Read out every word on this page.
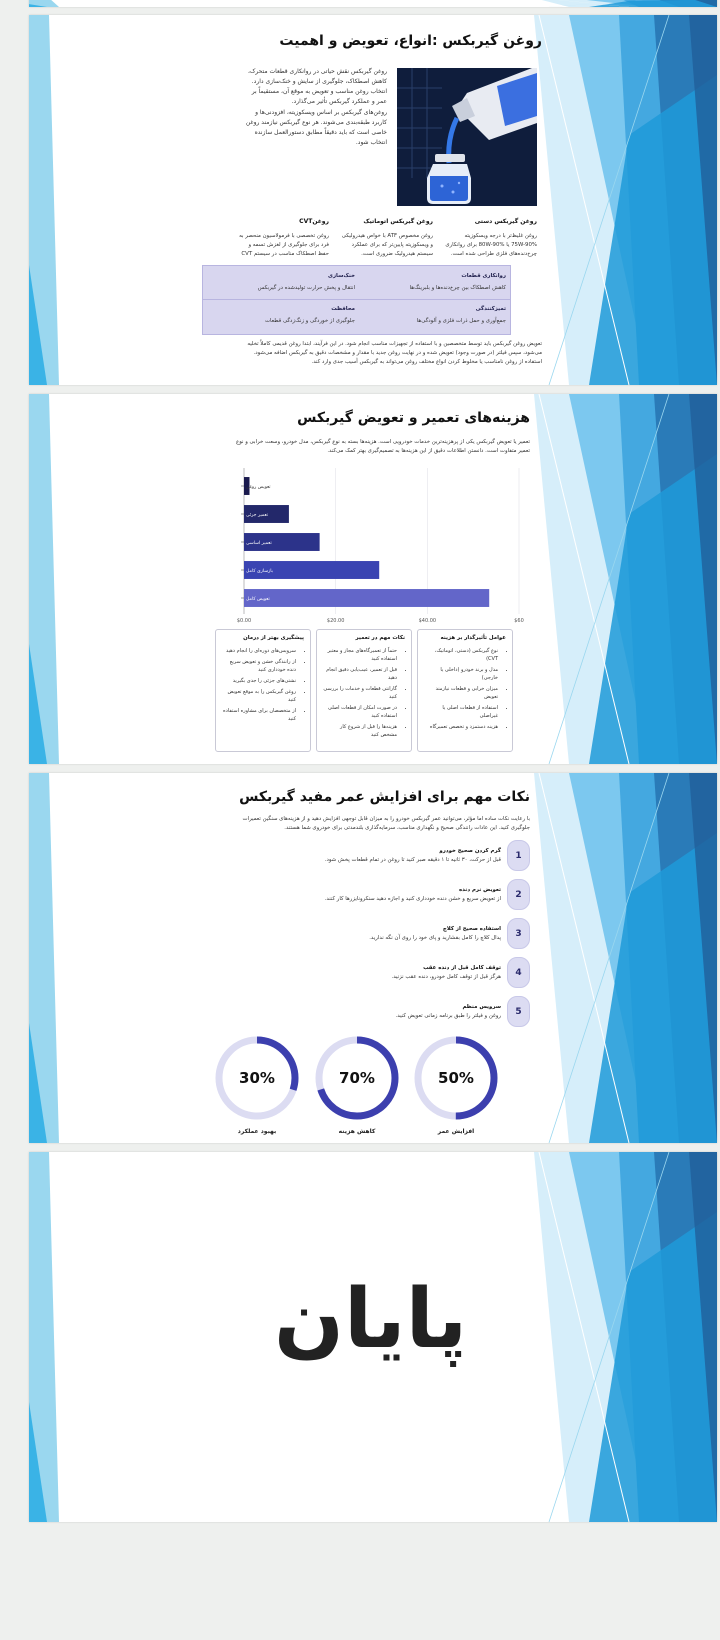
روغن گیربکس :انواع، تعویض و اهمیت
روغن گیربکس نقش حیاتی در روانکاری قطعات متحرک، کاهش اصطکاک، جلوگیری از سایش و خنک‌سازی دارد. انتخاب روغن مناسب و تعویض به موقع آن، مستقیماً بر عمر و عملکرد گیربکس تأثیر می‌گذارد.
روغن‌های گیربکس بر اساس ویسکوزیته، افزودنی‌ها و کاربرد طبقه‌بندی می‌شوند. هر نوع گیربکس نیازمند روغن خاصی است که باید دقیقاً مطابق دستورالعمل سازنده انتخاب شود.
روغن گیربکس دستی
روغن غلیظ‌تر با درجه ویسکوزیته %75W-90 یا %80W-90 برای روانکاری چرخ‌دنده‌های فلزی طراحی شده است.
روغن گیربکس اتوماتیک
روغن مخصوص ATF با خواص هیدرولیکی و ویسکوزیته پایین‌تر که برای عملکرد سیستم هیدرولیک ضروری است.
روغنCVT
روغن تخصصی با فرمولاسیون منحصر به فرد برای جلوگیری از لغزش تسمه و حفظ اصطکاک مناسب در سیستم CVT
روانکاری قطعات
کاهش اصطکاک بین چرخ‌دنده‌ها و بلبرینگ‌ها
خنک‌سازی
انتقال و پخش حرارت تولیدشده در گیربکس
تمیزکنندگی
جمع‌آوری و حمل ذرات فلزی و آلودگی‌ها
محافظت
جلوگیری از خوردگی و زنگ‌زدگی قطعات
تعویض روغن گیربکس باید توسط متخصصین و با استفاده از تجهیزات مناسب انجام شود. در این فرآیند، ابتدا روغن قدیمی کاملاً تخلیه می‌شود، سپس فیلتر (در صورت وجود) تعویض شده و در نهایت روغن جدید با مقدار و مشخصات دقیق به گیربکس اضافه می‌شود. استفاده از روغن نامناسب یا مخلوط کردن انواع مختلف روغن می‌تواند به گیربکس آسیب جدی وارد کند.
هزینه‌های تعمیر و تعویض گیربکس
تعمیر یا تعویض گیربکس یکی از پرهزینه‌ترین خدمات خودرویی است. هزینه‌ها بسته به نوع گیربکس، مدل خودرو، وسعت خرابی و نوع تعمیر متفاوت است. دانستن اطلاعات دقیق از این هزینه‌ها به تصمیم‌گیری بهتر کمک می‌کند.
$0.00	$20.00	$40.00	$60
تعویض روغن
تعمیر جزئی
تعمیر اساسی
بازسازی کامل
تعویض کامل
عوامل تأثیرگذار بر هزینه
• نوع گیربکس (دستی، اتوماتیک، CVT)
• مدل و برند خودرو (داخلی یا خارجی)
• میزان خرابی و قطعات نیازمند تعویض
• استفاده از قطعات اصلی یا غیراصلی
• هزینه دستمزد و تخصص تعمیرگاه
نکات مهم در تعمیر
• حتماً از تعمیرگاه‌های مجاز و معتبر استفاده کنید
• قبل از تعمیر، عیب‌یابی دقیق انجام دهید
• گارانتی قطعات و خدمات را بررسی کنید
• در صورت امکان از قطعات اصلی استفاده کنید
• هزینه‌ها را قبل از شروع کار مشخص کنید
پیشگیری بهتر از درمان
• سرویس‌های دوره‌ای را انجام دهید
• از رانندگی خشن و تعویض سریع دنده خودداری کنید
• نشتی‌های جزئی را جدی بگیرید
• روغن گیربکس را به موقع تعویض کنید
• از متخصصان برای مشاوره استفاده کنید
نکات مهم برای افزایش عمر مفید گیربکس
با رعایت نکات ساده اما مؤثر، می‌توانید عمر گیربکس خودرو را به میزان قابل توجهی افزایش دهید و از هزینه‌های سنگین تعمیرات جلوگیری کنید. این عادات رانندگی صحیح و نگهداری مناسب، سرمایه‌گذاری بلندمدتی برای خودروی شما هستند.
1
گرم کردن صحیح خودرو
قبل از حرکت، ۳۰ ثانیه تا ۱ دقیقه صبر کنید تا روغن در تمام قطعات پخش شود.
2
تعویض نرم دنده
از تعویض سریع و خشن دنده خودداری کنید و اجازه دهید سنکرونایزرها کار کنند.
3
استفاده صحیح از کلاچ
پدال کلاچ را کامل بفشارید و پای خود را روی آن نگه ندارید.
4
توقف کامل قبل از دنده عقب
هرگز قبل از توقف کامل خودرو، دنده عقب نزنید.
5
سرویس منظم
روغن و فیلتر را طبق برنامه زمانی تعویض کنید.
50%
70%
30%
افزایش عمر
کاهش هزینه
بهبود عملکرد
پایان
